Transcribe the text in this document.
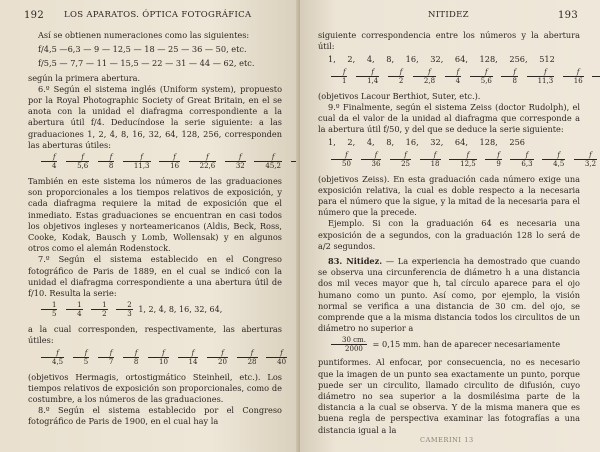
192 LOS APARATOS. ÓPTICA FOTOGRÁFICA

Así se obtienen numeraciones como las siguientes:

f/4,5 —6,3 — 9 — 12,5 — 18 — 25 — 36 — 50, etc.

f/5,5 — 7,7 — 11 — 15,5 — 22 — 31 — 44 — 62, etc.

según la primera abertura.

6.º Según el sistema inglés (Uniform system), propuesto por la Royal Photographic Society of Great Britain, en el se anota con la unidad el diafragma correspondiente a la abertura útil f/4. Deducíndose la serie siguiente: a las graduaciones 1, 2, 4, 8, 16, 32, 64, 128, 256, corresponden las aberturas útiles:

$\frac{f}{4}$
$\frac{f}{5,6}$
$\frac{f}{8}$
$\frac{f}{11,3}$
$\frac{f}{16}$
$\frac{f}{22,6}$
$\frac{f}{32}$
$\frac{f}{45,2}$

También en este sistema los números de las graduaciones son proporcionales a los tiempos relativos de exposición, y cada diafragma requiere la mitad de exposición que el inmediato. Estas graduaciones se encuentran en casi todos los objetivos ingleses y norteamericanos (Aldis, Beck, Ross, Cooke, Kodak, Bausch y Lomb, Wollensak) y en algunos otros como el alemán Rodenstock.

7.º Según el sistema establecido en el Congreso fotográfico de Paris de 1889, en el cual se indicó con la unidad el diafragma correspondiente a una abertura útil de f/10. Resulta la serie:

$\frac{1}{5}$
$\frac{1}{4}$
$\frac{1}{2}$
$\frac{2}{3} 1$, 2, 4, 8, 16, 32, 64,

a la cual corresponden, respectivamente, las aberturas útiles:

$\frac{f}{4,5}$
$\frac{f}{5}$
$\frac{f}{7}$
$\frac{f}{8}$
$\frac{f}{10}$
$\frac{f}{14}$
$\frac{f}{20}$
$\frac{f}{28}$
$\frac{f}{40}$

(objetivos Hermagis, ortostigmático Steinheil, etc.). Los tiempos relativos de exposición son proporcionales, como de costumbre, a los números de las graduaciones.

8.º Según el sistema establecido por el Congreso fotográfico de Paris de 1900, en el cual hay la

NITIDEZ	193

siguiente correspondencia entre los números y la abertura útil:

1, 2, 4, 8, 16, 32, 64, 128, 256, 512

$\frac{f}{1}$
$\frac{f}{1,4}$
$\frac{f}{2}$
$\frac{f}{2,8}$
$\frac{f}{4}$
$\frac{f}{5,6}$
$\frac{f}{8}$
$\frac{f}{11,3}$
$\frac{f}{16}$

(objetivos Lacour Berthiot, Suter, etc.).

9.º Finalmente, según el sistema Zeiss (doctor Rudolph), el cual da el valor de la unidad al diafragma que corresponde a la abertura útil f/50, y del que se deduce la serie siguiente:

1, 2, 4, 8, 16, 32, 64, 128, 256

$\frac{f}{50}$
$\frac{f}{36}$
$\frac{f}{25}$
$\frac{f}{18}$
$\frac{f}{12,5}$
$\frac{f}{9}$
$\frac{f}{6,3}$
$\frac{f}{4,5}$
$\frac{f}{3,2}$

(objetivos Zeiss). En esta graduación cada número exige una exposición relativa, la cual es doble respecto a la necesaria para el número que la sigue, y la mitad de la necesaria para el número que la precede.

Ejemplo. Si con la graduación 64 es necesaria una exposición de a segundos, con la graduación 128 lo será de a/2 segundos.

83. Nitidez. — La experiencia ha demostrado que cuando se observa una circunferencia de diámetro h a una distancia dos mil veces mayor que h, tal círculo aparece para el ojo humano como un punto. Así como, por ejemplo, la visión normal se verifica a una distancia de 30 cm. del ojo, se comprende que a la misma distancia todos los circulitos de un diámetro no superior a

$\frac{30 cm.}{2000} = 0,15$ mm. han de aparecer necesariamente

puntiformes. Al enfocar, por consecuencia, no es necesario que la imagen de un punto sea exactamente un punto, porque puede ser un circulito, llamado circulito de difusión, cuyo diámetro no sea superior a la dosmilésima parte de la distancia a la cual se observa. Y de la misma manera que es buena regla de perspectiva examinar las fotografías a una distancia igual a la

CAMERINI 13
